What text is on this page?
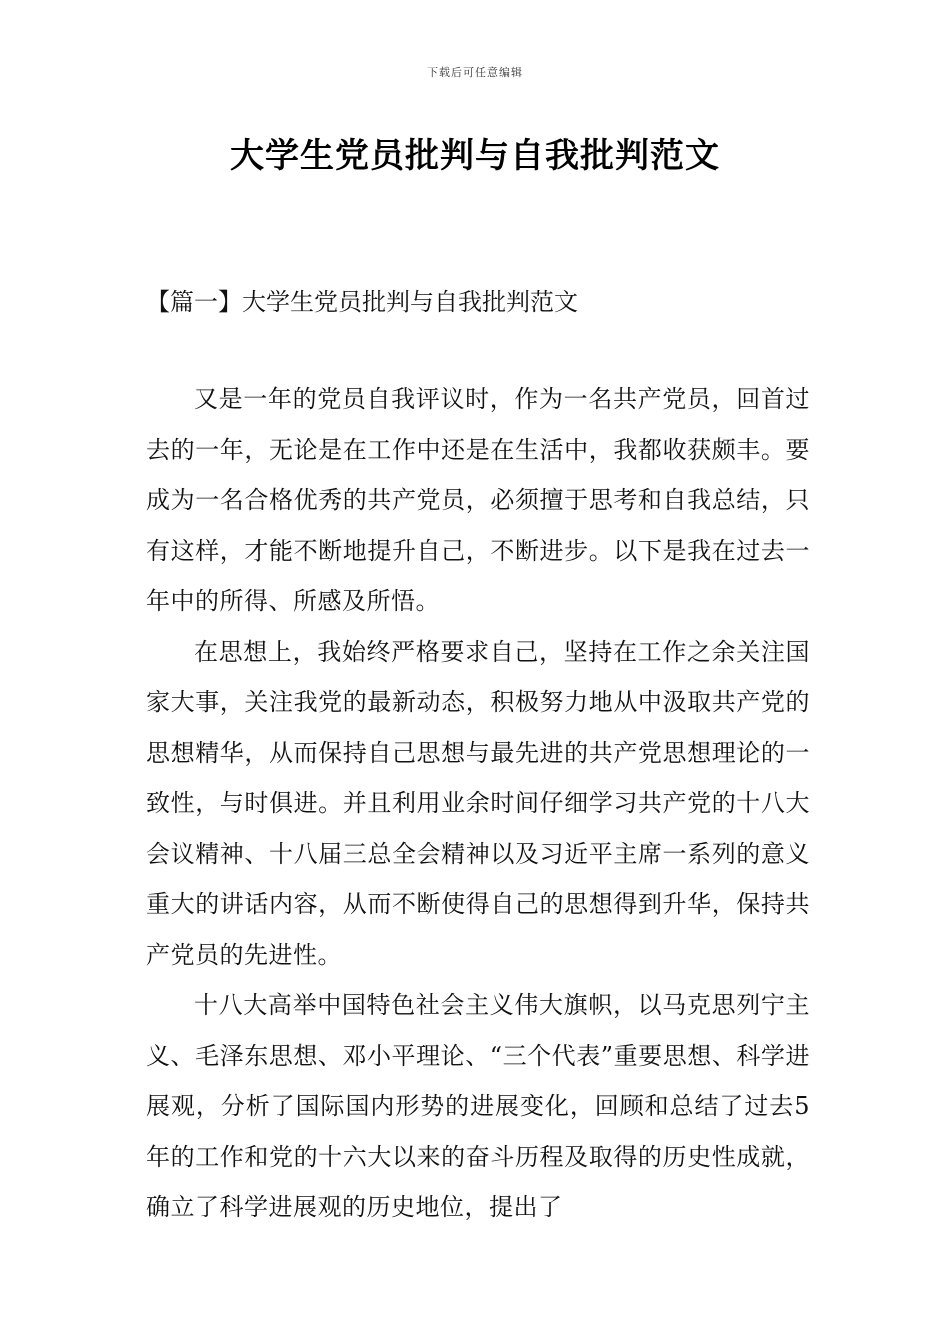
下载后可任意编辑
大学生党员批判与自我批判范文
【篇一】大学生党员批判与自我批判范文

又是一年的党员自我评议时，作为一名共产党员，回首过去的一年，无论是在工作中还是在生活中，我都收获颇丰。要成为一名合格优秀的共产党员，必须擅于思考和自我总结，只有这样，才能不断地提升自己，不断进步。以下是我在过去一年中的所得、所感及所悟。

在思想上，我始终严格要求自己，坚持在工作之余关注国家大事，关注我党的最新动态，积极努力地从中汲取共产党的思想精华，从而保持自己思想与最先进的共产党思想理论的一致性，与时俱进。并且利用业余时间仔细学习共产党的十八大会议精神、十八届三总全会精神以及习近平主席一系列的意义重大的讲话内容，从而不断使得自己的思想得到升华，保持共产党员的先进性。

十八大高举中国特色社会主义伟大旗帜，以马克思列宁主义、毛泽东思想、邓小平理论、“三个代表”重要思想、科学进展观，分析了国际国内形势的进展变化，回顾和总结了过去5年的工作和党的十六大以来的奋斗历程及取得的历史性成就，确立了科学进展观的历史地位，提出了
